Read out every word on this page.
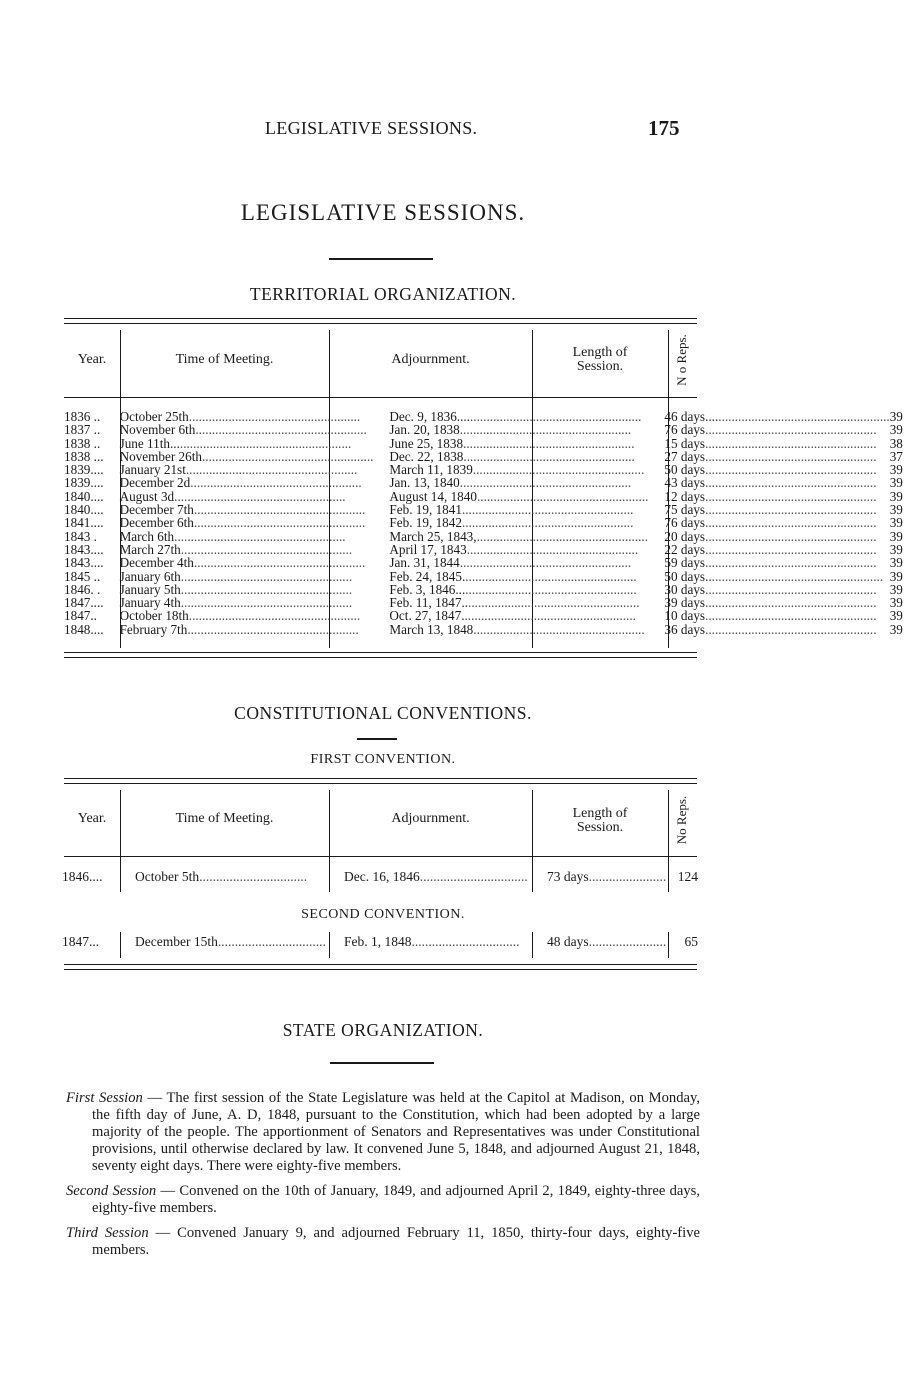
LEGISLATIVE SESSIONS.	175
LEGISLATIVE SESSIONS.
TERRITORIAL ORGANIZATION.
Year.	Time of Meeting.	Adjournment.	Length of
Session.	N o Reps.
1836 ..	October 25th....................................................	Dec. 9, 1836........................................................	46 days........................................................	39
1837 ..	November 6th....................................................	Jan. 20, 1838....................................................	76 days....................................................	39
1838 ..	June 11th.......................................................	June 25, 1838....................................................	15 days....................................................	38
1838 ...	November 26th....................................................	Dec. 22, 1838....................................................	27 days....................................................	37
1839....	January 21st....................................................	March 11, 1839....................................................	50 days....................................................	39
1839....	December 2d....................................................	Jan. 13, 1840....................................................	43 days....................................................	39
1840....	August 3d....................................................	August 14, 1840....................................................	12 days....................................................	39
1840....	December 7th....................................................	Feb. 19, 1841....................................................	75 days....................................................	39
1841....	December 6th....................................................	Feb. 19, 1842....................................................	76 days....................................................	39
1843 .	March 6th....................................................	March 25, 1843,....................................................	20 days....................................................	39
1843....	March 27th....................................................	April 17, 1843....................................................	22 days....................................................	39
1843....	December 4th....................................................	Jan. 31, 1844....................................................	59 days....................................................	39
1845 ..	January 6th....................................................	Feb. 24, 1845.....................................................	50 days......................................................	39
1846. .	January 5th....................................................	Feb. 3, 1846.......................................................	30 days....................................................	39
1847....	January 4th....................................................	Feb. 11, 1847......................................................	39 days....................................................	39
1847..	October 18th....................................................	Oct. 27, 1847.....................................................	10 days....................................................	39
1848....	February 7th....................................................	March 13, 1848....................................................	36 days....................................................	39
CONSTITUTIONAL CONVENTIONS.
FIRST CONVENTION.
Year.	Time of Meeting.	Adjournment.	Length of
Session.	No Reps.
1846.... October 5th................................	Dec. 16, 1846................................ 73 days....................... 124
SECOND CONVENTION.
1847...	December 15th................................ Feb. 1, 1848................................	48 days.......................	65
STATE ORGANIZATION.

First Session — The first session of the State Legislature was held at the Capitol at Madison, on Monday, the fifth day of June, A. D, 1848, pursuant to the Constitution, which had been adopted by a large majority of the people. The apportionment of Senators and Representatives was under Constitutional provisions, until otherwise declared by law. It convened June 5, 1848, and adjourned August 21, 1848, seventy eight days. There were eighty-five members.

Second Session — Convened on the 10th of January, 1849, and adjourned April 2, 1849, eighty-three days, eighty-five members.

Third Session — Convened January 9, and adjourned February 11, 1850, thirty-four days, eighty-five members.
